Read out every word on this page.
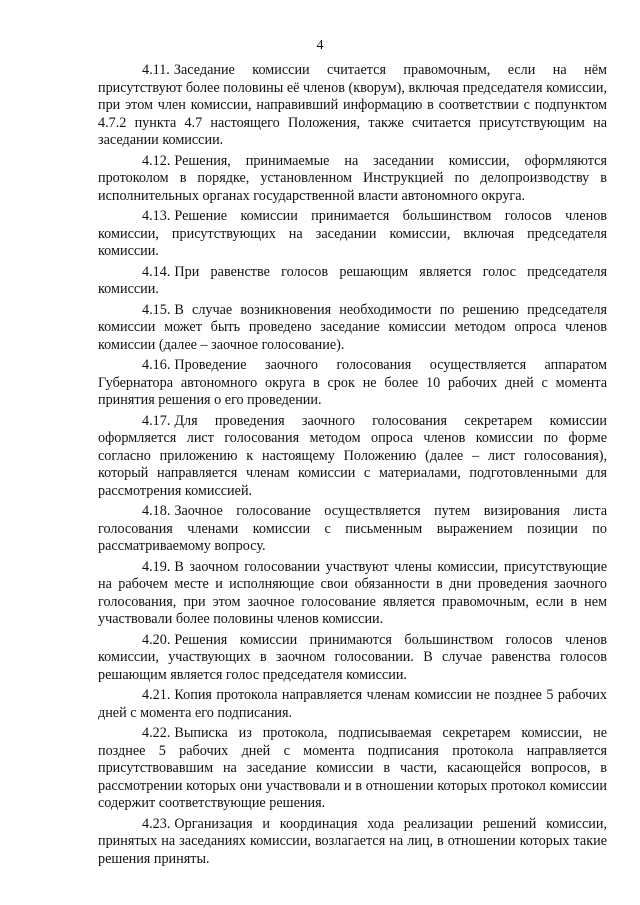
4

4.11. Заседание комиссии считается правомочным, если на нём присутствуют более половины её членов (кворум), включая председателя комиссии, при этом член комиссии, направивший информацию в соответствии с подпунктом 4.7.2 пункта 4.7 настоящего Положения, также считается присутствующим на заседании комиссии.

4.12. Решения, принимаемые на заседании комиссии, оформляются протоколом в порядке, установленном Инструкцией по делопроизводству в исполнительных органах государственной власти автономного округа.

4.13. Решение комиссии принимается большинством голосов членов комиссии, присутствующих на заседании комиссии, включая председателя комиссии.

4.14. При равенстве голосов решающим является голос председателя комиссии.

4.15. В случае возникновения необходимости по решению председателя комиссии может быть проведено заседание комиссии методом опроса членов комиссии (далее – заочное голосование).

4.16. Проведение заочного голосования осуществляется аппаратом Губернатора автономного округа в срок не более 10 рабочих дней с момента принятия решения о его проведении.

4.17. Для проведения заочного голосования секретарем комиссии оформляется лист голосования методом опроса членов комиссии по форме согласно приложению к настоящему Положению (далее – лист голосования), который направляется членам комиссии с материалами, подготовленными для рассмотрения комиссией.

4.18. Заочное голосование осуществляется путем визирования листа голосования членами комиссии с письменным выражением позиции по рассматриваемому вопросу.

4.19. В заочном голосовании участвуют члены комиссии, присутствующие на рабочем месте и исполняющие свои обязанности в дни проведения заочного голосования, при этом заочное голосование является правомочным, если в нем участвовали более половины членов комиссии.

4.20. Решения комиссии принимаются большинством голосов членов комиссии, участвующих в заочном голосовании. В случае равенства голосов решающим является голос председателя комиссии.

4.21. Копия протокола направляется членам комиссии не позднее 5 рабочих дней с момента его подписания.

4.22. Выписка из протокола, подписываемая секретарем комиссии, не позднее 5 рабочих дней с момента подписания протокола направляется присутствовавшим на заседание комиссии в части, касающейся вопросов, в рассмотрении которых они участвовали и в отношении которых протокол комиссии содержит соответствующие решения.

4.23. Организация и координация хода реализации решений комиссии, принятых на заседаниях комиссии, возлагается на лиц, в отношении которых такие решения приняты.
